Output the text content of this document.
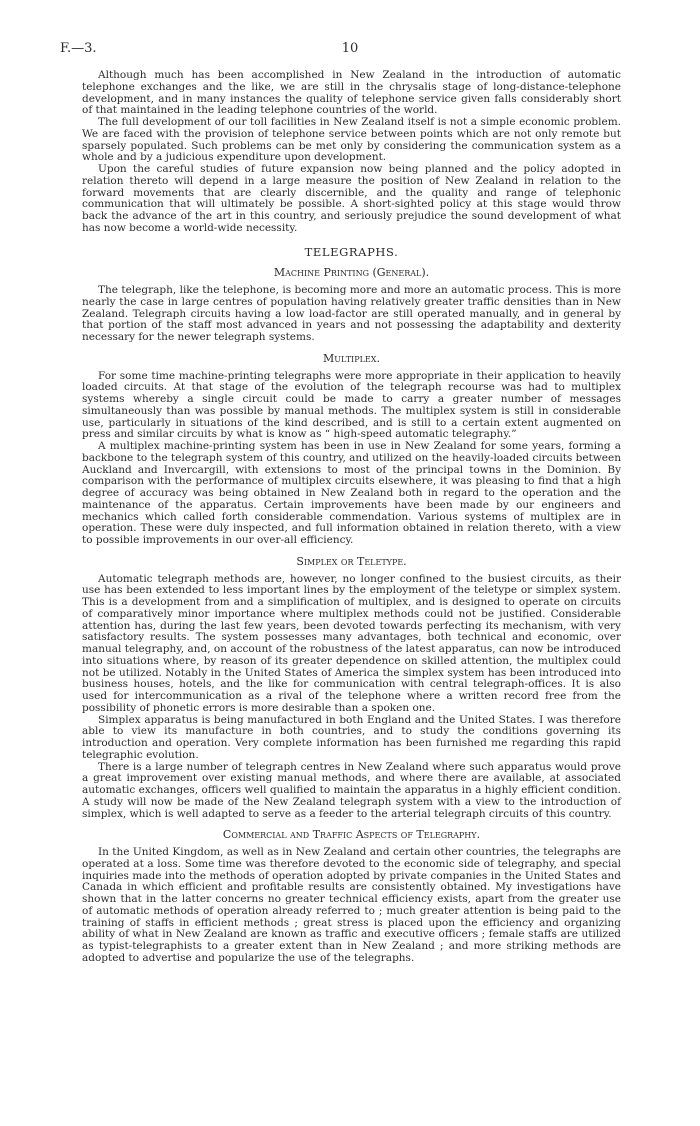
F.—3.	10

Although much has been accomplished in New Zealand in the introduction of automatic telephone exchanges and the like, we are still in the chrysalis stage of long-distance-telephone development, and in many instances the quality of telephone service given falls considerably short of that maintained in the leading telephone countries of the world.

The full development of our toll facilities in New Zealand itself is not a simple economic problem. We are faced with the provision of telephone service between points which are not only remote but sparsely populated. Such problems can be met only by considering the communication system as a whole and by a judicious expenditure upon development.

Upon the careful studies of future expansion now being planned and the policy adopted in relation thereto will depend in a large measure the position of New Zealand in relation to the forward movements that are clearly discernible, and the quality and range of telephonic communication that will ultimately be possible. A short-sighted policy at this stage would throw back the advance of the art in this country, and seriously prejudice the sound development of what has now become a world-wide necessity.

TELEGRAPHS.
Machine Printing (General).

The telegraph, like the telephone, is becoming more and more an automatic process. This is more nearly the case in large centres of population having relatively greater traffic densities than in New Zealand. Telegraph circuits having a low load-factor are still operated manually, and in general by that portion of the staff most advanced in years and not possessing the adaptability and dexterity necessary for the newer telegraph systems.

Multiplex.

For some time machine-printing telegraphs were more appropriate in their application to heavily loaded circuits. At that stage of the evolution of the telegraph recourse was had to multiplex systems whereby a single circuit could be made to carry a greater number of messages simultaneously than was possible by manual methods. The multiplex system is still in considerable use, particularly in situations of the kind described, and is still to a certain extent augmented on press and similar circuits by what is know as “ high-speed automatic telegraphy.”

A multiplex machine-printing system has been in use in New Zealand for some years, forming a backbone to the telegraph system of this country, and utilized on the heavily-loaded circuits between Auckland and Invercargill, with extensions to most of the principal towns in the Dominion. By comparison with the performance of multiplex circuits elsewhere, it was pleasing to find that a high degree of accuracy was being obtained in New Zealand both in regard to the operation and the maintenance of the apparatus. Certain improvements have been made by our engineers and mechanics which called forth considerable commendation. Various systems of multiplex are in operation. These were duly inspected, and full information obtained in relation thereto, with a view to possible improvements in our over-all efficiency.

Simplex or Teletype.

Automatic telegraph methods are, however, no longer confined to the busiest circuits, as their use has been extended to less important lines by the employment of the teletype or simplex system. This is a development from and a simplification of multiplex, and is designed to operate on circuits of comparatively minor importance where multiplex methods could not be justified. Considerable attention has, during the last few years, been devoted towards perfecting its mechanism, with very satisfactory results. The system possesses many advantages, both technical and economic, over manual telegraphy, and, on account of the robustness of the latest apparatus, can now be introduced into situations where, by reason of its greater dependence on skilled attention, the multiplex could not be utilized. Notably in the United States of America the simplex system has been introduced into business houses, hotels, and the like for communication with central telegraph-offices. It is also used for intercommunication as a rival of the telephone where a written record free from the possibility of phonetic errors is more desirable than a spoken one.

Simplex apparatus is being manufactured in both England and the United States. I was therefore able to view its manufacture in both countries, and to study the conditions governing its introduction and operation. Very complete information has been furnished me regarding this rapid telegraphic evolution.

There is a large number of telegraph centres in New Zealand where such apparatus would prove a great improvement over existing manual methods, and where there are available, at associated automatic exchanges, officers well qualified to maintain the apparatus in a highly efficient condition. A study will now be made of the New Zealand telegraph system with a view to the introduction of simplex, which is well adapted to serve as a feeder to the arterial telegraph circuits of this country.

Commercial and Traffic Aspects of Telegraphy.

In the United Kingdom, as well as in New Zealand and certain other countries, the telegraphs are operated at a loss. Some time was therefore devoted to the economic side of telegraphy, and special inquiries made into the methods of operation adopted by private companies in the United States and Canada in which efficient and profitable results are consistently obtained. My investigations have shown that in the latter concerns no greater technical efficiency exists, apart from the greater use of automatic methods of operation already referred to ; much greater attention is being paid to the training of staffs in efficient methods ; great stress is placed upon the efficiency and organizing ability of what in New Zealand are known as traffic and executive officers ; female staffs are utilized as typist-telegraphists to a greater extent than in New Zealand ; and more striking methods are adopted to advertise and popularize the use of the telegraphs.
